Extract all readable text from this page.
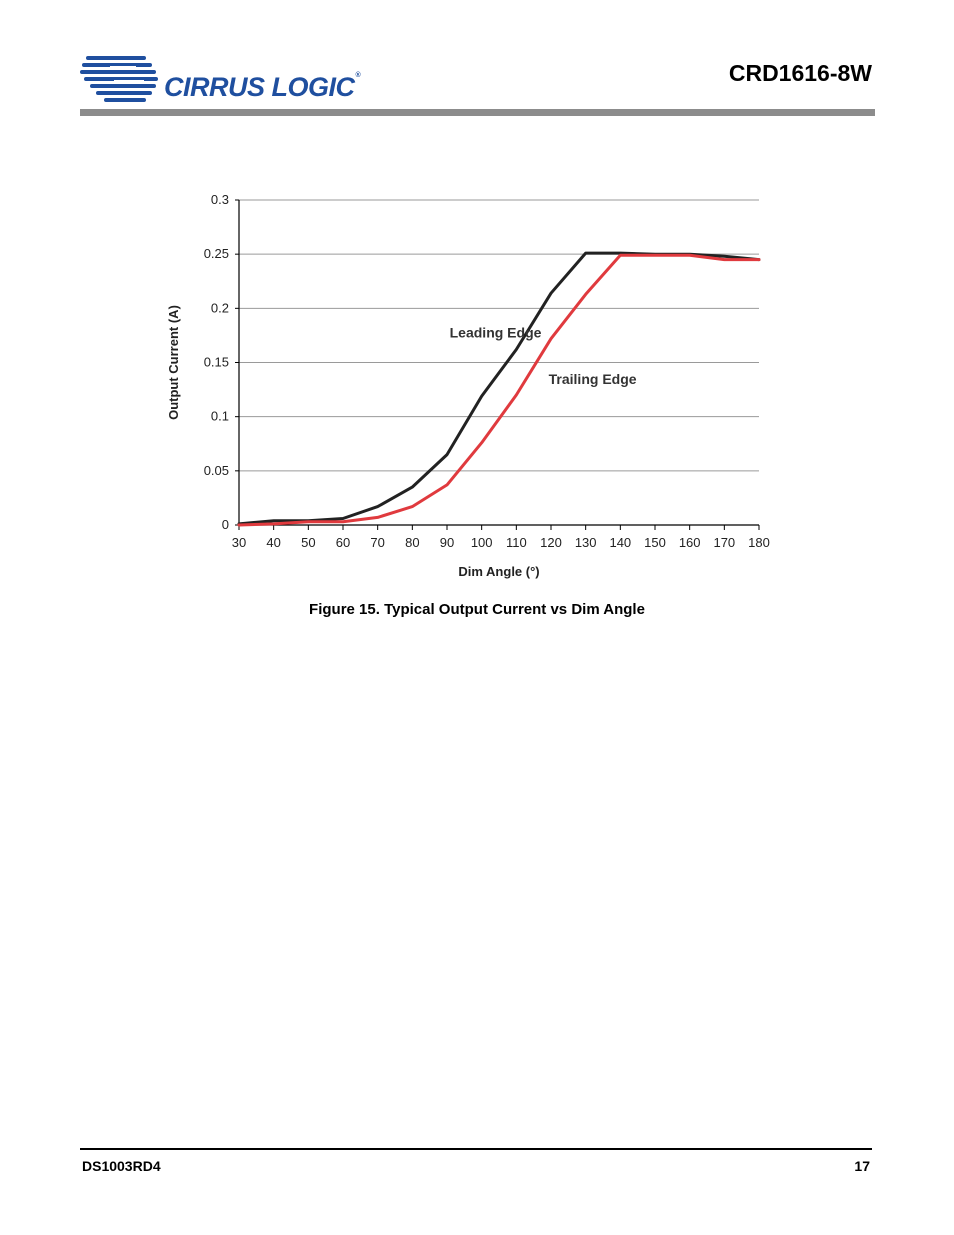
CIRRUS LOGIC®	CRD1616-8W
0
0.05
0.1
0.15
0.2
0.25
0.3
30 40 50 60 70 80 90 100 110 120 130 140 150 160 170 180
Leading Edge
Trailing Edge
Dim Angle (°)
Output Current (A)
Figure 15. Typical Output Current vs Dim Angle
DS1003RD4	17
